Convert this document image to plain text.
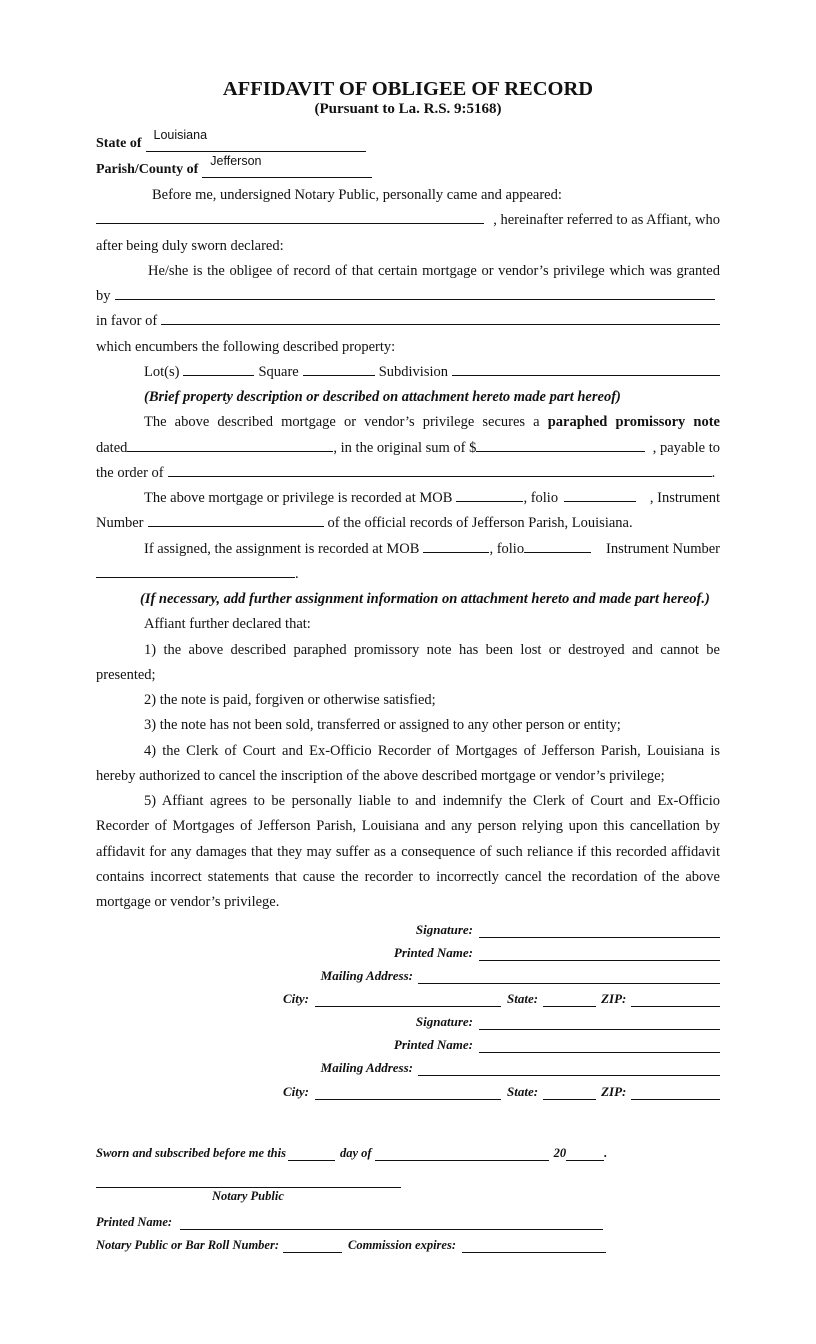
AFFIDAVIT OF OBLIGEE OF RECORD
(Pursuant to La. R.S. 9:5168)
State of
Louisiana
Parish/County of
Jefferson
Before me, undersigned Notary Public, personally came and appeared:
, hereinafter referred to as Affiant, who
after being duly sworn declared:
He/she is the obligee of record of that certain mortgage or vendor’s privilege which was granted
by
in favor of
which encumbers the following described property:
Lot(s)	Square	Subdivision
(Brief property description or described on attachment hereto made part hereof)
The above described mortgage or vendor’s privilege secures a paraphed promissory note
dated	, in the original sum of $	, payable to
the order of	.
The above mortgage or privilege is recorded at MOB	, folio	, Instrument
Number	of the official records of Jefferson Parish, Louisiana.
If assigned, the assignment is recorded at MOB	, folio	Instrument Number
.
(If necessary, add further assignment information on attachment hereto and made part hereof.)
Affiant further declared that:
1) the above described paraphed promissory note has been lost or destroyed and cannot be
presented;
2) the note is paid, forgiven or otherwise satisfied;
3) the note has not been sold, transferred or assigned to any other person or entity;
4) the Clerk of Court and Ex-Officio Recorder of Mortgages of Jefferson Parish, Louisiana is
hereby authorized to cancel the inscription of the above described mortgage or vendor’s privilege;
5) Affiant agrees to be personally liable to and indemnify the Clerk of Court and Ex-Officio
Recorder of Mortgages of Jefferson Parish, Louisiana and any person relying upon this cancellation by
affidavit for any damages that they may suffer as a consequence of such reliance if this recorded affidavit
contains incorrect statements that cause the recorder to incorrectly cancel the recordation of the above
mortgage or vendor’s privilege.
Signature:
Printed Name:
Mailing Address:
City:	State:	ZIP:
Signature:
Printed Name:
Mailing Address:
City:	State:	ZIP:
Sworn and subscribed before me this	day of	20	.
Notary Public
Printed Name:
Notary Public or Bar Roll Number:	Commission expires:
